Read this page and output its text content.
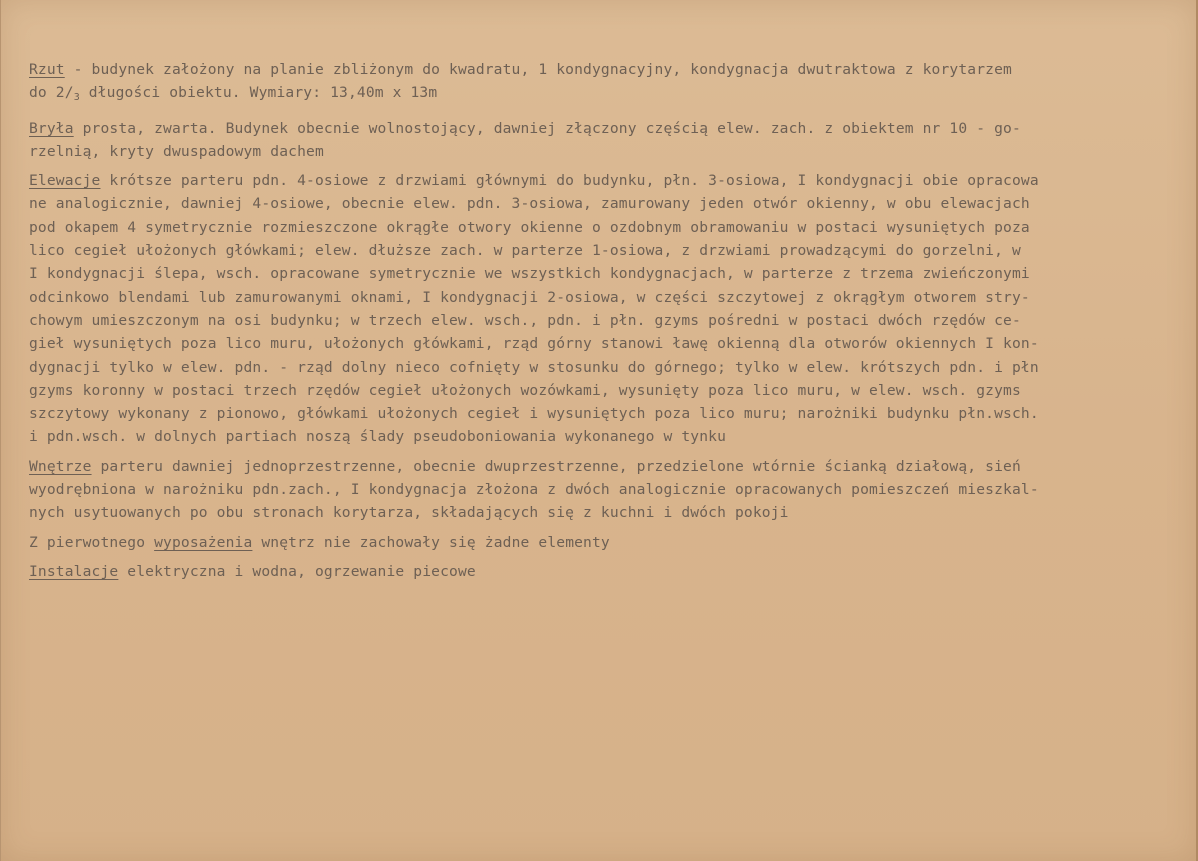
Rzut - budynek założony na planie zbliżonym do kwadratu, 1 kondygnacyjny, kondygnacja dwutraktowa z korytarzem
do $2/_3$ długości obiektu. Wymiary: 13,40m x 13m
Bryła prosta, zwarta. Budynek obecnie wolnostojący, dawniej złączony częścią elew. zach. z obiektem nr 10 - go-
rzelnią, kryty dwuspadowym dachem
Elewacje krótsze parteru pdn. 4-osiowe z drzwiami głównymi do budynku, płn. 3-osiowa, I kondygnacji obie opracowa
ne analogicznie, dawniej 4-osiowe, obecnie elew. pdn. 3-osiowa, zamurowany jeden otwór okienny, w obu elewacjach
pod okapem 4 symetrycznie rozmieszczone okrągłe otwory okienne o ozdobnym obramowaniu w postaci wysuniętych poza
lico cegieł ułożonych główkami; elew. dłuższe zach. w parterze 1-osiowa, z drzwiami prowadzącymi do gorzelni, w
I kondygnacji ślepa, wsch. opracowane symetrycznie we wszystkich kondygnacjach, w parterze z trzema zwieńczonymi
odcinkowo blendami lub zamurowanymi oknami, I kondygnacji 2-osiowa, w części szczytowej z okrągłym otworem stry-
chowym umieszczonym na osi budynku; w trzech elew. wsch., pdn. i płn. gzyms pośredni w postaci dwóch rzędów ce-
gieł wysuniętych poza lico muru, ułożonych główkami, rząd górny stanowi ławę okienną dla otworów okiennych I kon-
dygnacji tylko w elew. pdn. - rząd dolny nieco cofnięty w stosunku do górnego; tylko w elew. krótszych pdn. i płn
gzyms koronny w postaci trzech rzędów cegieł ułożonych wozówkami, wysunięty poza lico muru, w elew. wsch. gzyms
szczytowy wykonany z pionowo, główkami ułożonych cegieł i wysuniętych poza lico muru; narożniki budynku płn.wsch.
i pdn.wsch. w dolnych partiach noszą ślady pseudoboniowania wykonanego w tynku
Wnętrze parteru dawniej jednoprzestrzenne, obecnie dwuprzestrzenne, przedzielone wtórnie ścianką działową, sień
wyodrębniona w narożniku pdn.zach., I kondygnacja złożona z dwóch analogicznie opracowanych pomieszczeń mieszkal-
nych usytuowanych po obu stronach korytarza, składających się z kuchni i dwóch pokoji
Z pierwotnego wyposażenia wnętrz nie zachowały się żadne elementy
Instalacje elektryczna i wodna, ogrzewanie piecowe
